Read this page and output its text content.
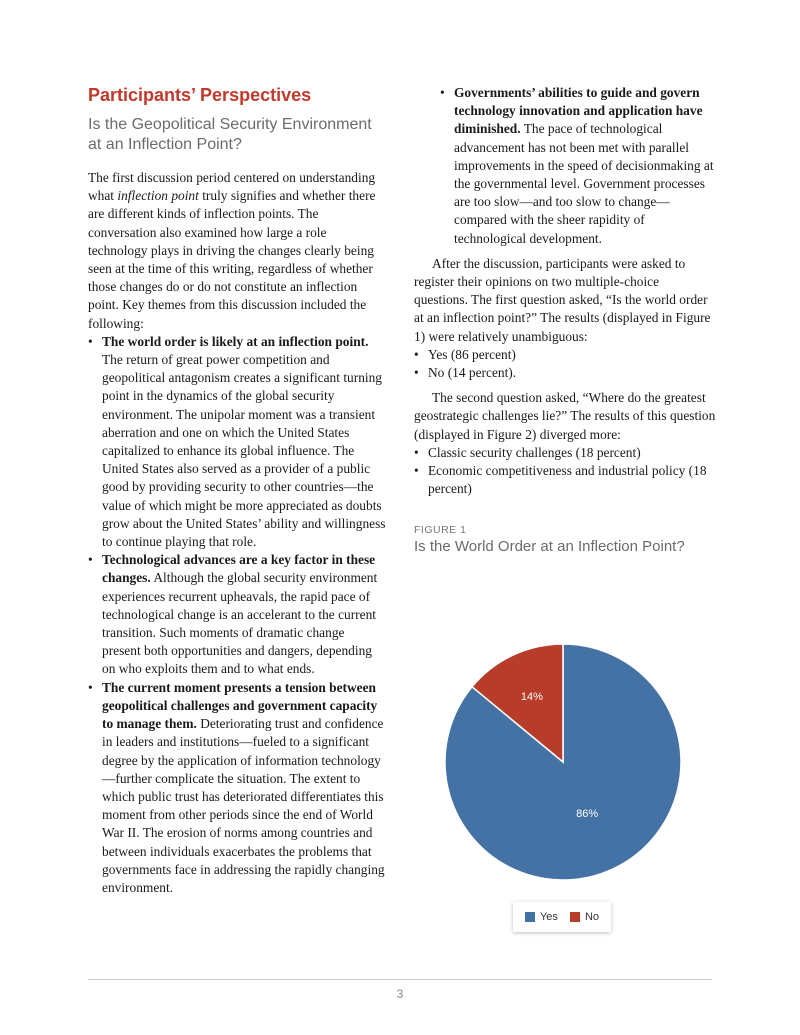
Participants’ Perspectives
Is the Geopolitical Security Environment at an Inflection Point?

The first discussion period centered on understanding what inflection point truly signifies and whether there are different kinds of inflection points. The conversation also examined how large a role technology plays in driving the changes clearly being seen at the time of this writing, regardless of whether those changes do or do not constitute an inflection point. Key themes from this discussion included the following:

• The world order is likely at an inflection point. The return of great power competition and geopolitical antagonism creates a significant turning point in the dynamics of the global security environment. The unipolar moment was a transient aberration and one on which the United States capitalized to enhance its global influence. The United States also served as a provider of a public good by providing security to other countries—the value of which might be more appreciated as doubts grow about the United States’ ability and willingness to continue playing that role.
• Technological advances are a key factor in these changes. Although the global security environment experiences recurrent upheavals, the rapid pace of technological change is an accelerant to the current transition. Such moments of dramatic change present both opportunities and dangers, depending on who exploits them and to what ends.
• The current moment presents a tension between geopolitical challenges and government capacity to manage them. Deteriorating trust and confidence in leaders and institutions—fueled to a significant degree by the application of information technology—further complicate the situation. The extent to which public trust has deteriorated differentiates this moment from other periods since the end of World War II. The erosion of norms among countries and between individuals exacerbates the problems that governments face in addressing the rapidly changing environment.
• Governments’ abilities to guide and govern technology innovation and application have diminished. The pace of technological advancement has not been met with parallel improvements in the speed of decisionmaking at the governmental level. Government processes are too slow—and too slow to change—compared with the sheer rapidity of technological development.

After the discussion, participants were asked to register their opinions on two multiple-choice questions. The first question asked, “Is the world order at an inflection point?” The results (displayed in Figure 1) were relatively unambiguous:

• Yes (86 percent)
• No (14 percent).

The second question asked, “Where do the greatest geostrategic challenges lie?” The results of this question (displayed in Figure 2) diverged more:

• Classic security challenges (18 percent)
• Economic competitiveness and industrial policy (18 percent)
FIGURE 1
Is the World Order at an Inflection Point?
86%
14%
Yes No
3
